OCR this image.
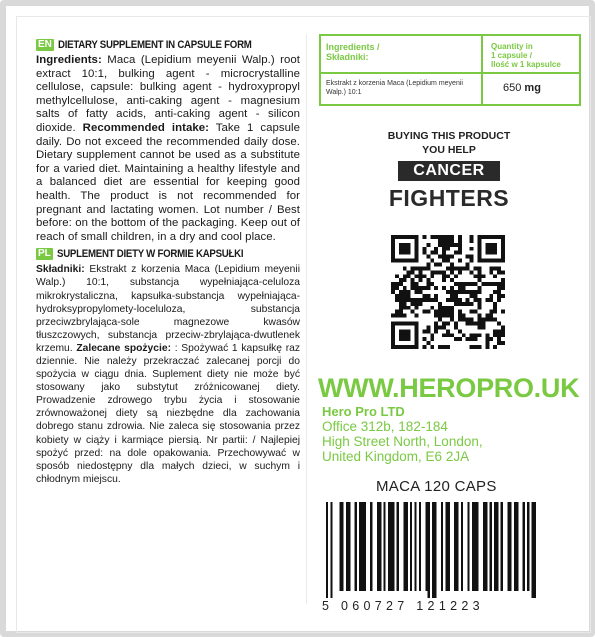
EN DIETARY SUPPLEMENT IN CAPSULE FORM

Ingredients: Maca (Lepidium meyenii Walp.) root extract 10:1, bulking agent - microcrystalline cellulose, capsule: bulking agent - hydroxypropyl methylcellulose, anti-caking agent - magnesium salts of fatty acids, anti-caking agent - silicon dioxide. Recommended intake: Take 1 capsule daily. Do not exceed the recommended daily dose. Dietary supplement cannot be used as a substitute for a varied diet. Maintaining a healthy lifestyle and a balanced diet are essential for keeping good health. The product is not recommended for pregnant and lactating women. Lot number / Best before: on the bottom of the packaging. Keep out of reach of small children, in a dry and cool place.

PL SUPLEMENT DIETY W FORMIE KAPSUŁKI

Składniki: Ekstrakt z korzenia Maca (Lepidium meyenii Walp.) 10:1, substancja wypełniająca-celuloza mikrokrystaliczna, kapsułka-substancja wypełniająca-hydroksypropylomety-loceluloza, substancja przeciwzbrylająca-sole magnezowe kwasów tłuszczowych, substancja przeciw-zbrylająca-dwutlenek krzemu. Zalecane spożycie: : Spożywać 1 kapsułkę raz dziennie. Nie należy przekraczać zalecanej porcji do spożycia w ciągu dnia. Suplement diety nie może być stosowany jako substytut zróżnicowanej diety. Prowadzenie zdrowego trybu życia i stosowanie zrównoważonej diety są niezbędne dla zachowania dobrego stanu zdrowia. Nie zaleca się stosowania przez kobiety w ciąży i karmiące piersią. Nr partii: / Najlepiej spożyć przed: na dole opakowania. Przechowywać w sposób niedostępny dla małych dzieci, w suchym i chłodnym miejscu.

Ingredients /
Składniki:
Quantity in
1 capsule /
Ilość w 1 kapsulce
Ekstrakt z korzenia Maca (Lepidium meyenii Walp.) 10:1	650 mg
BUYING THIS PRODUCT
YOU HELP
CANCER
FIGHTERS
WWW.HEROPRO.UK
Hero Pro LTD
Office 312b, 182-184
High Street North, London,
United Kingdom, E6 2JA
MACA 120 CAPS
5 060727 121223
